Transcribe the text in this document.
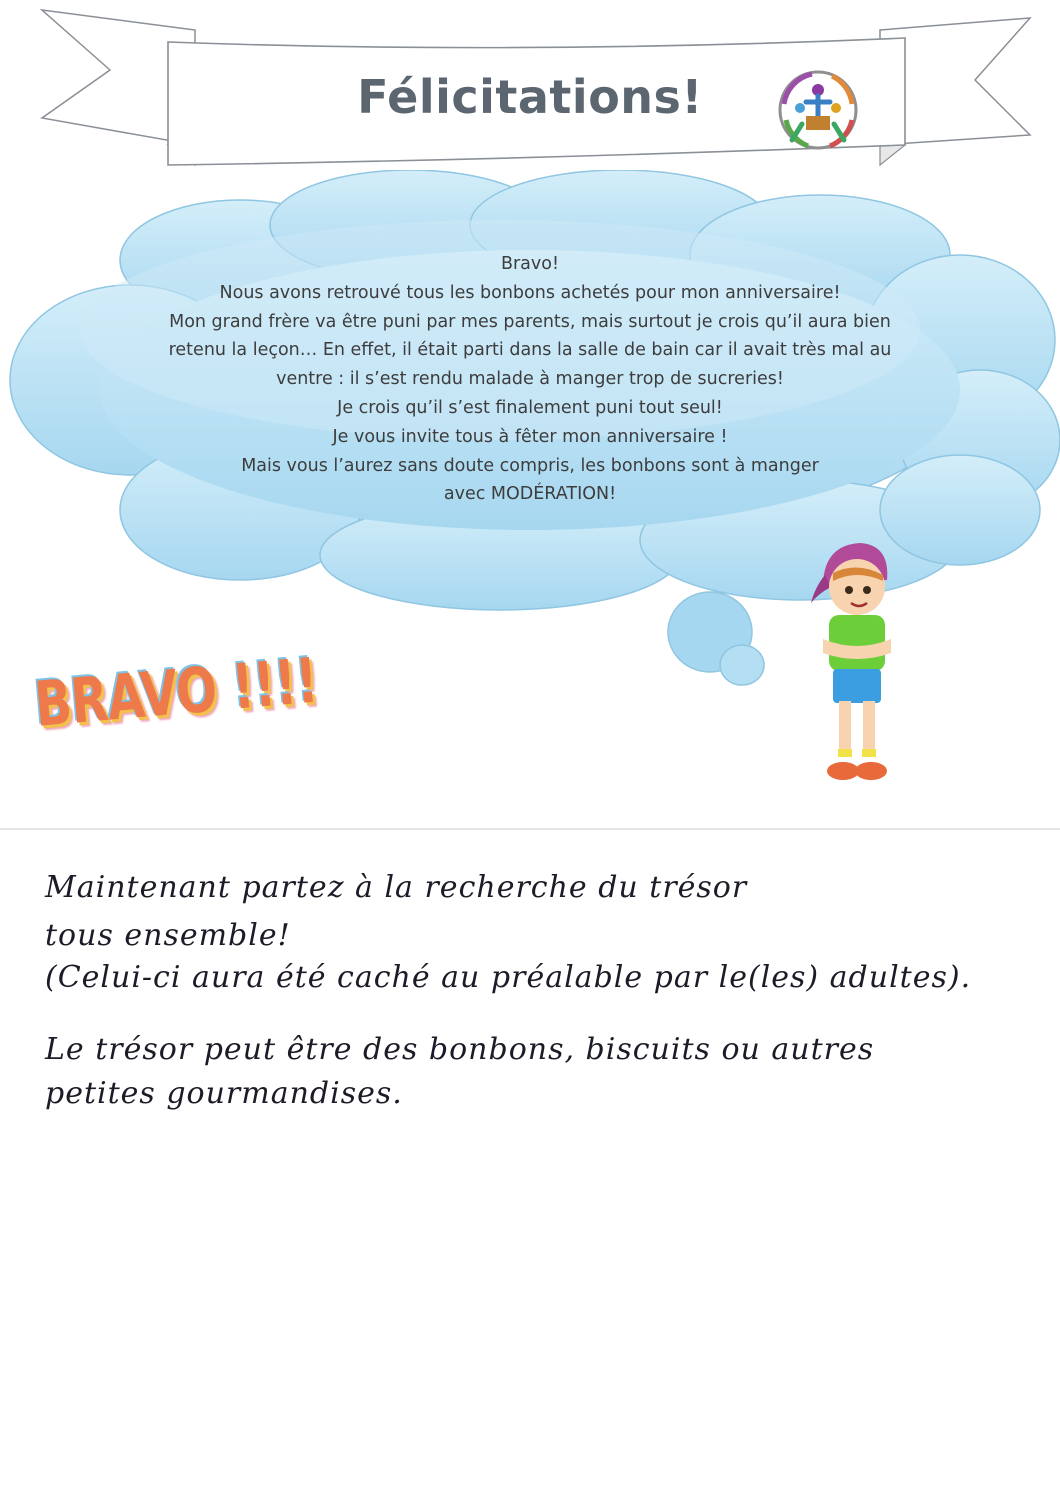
Félicitations!
Bravo!
Nous avons retrouvé tous les bonbons achetés pour mon anniversaire!
Mon grand frère va être puni par mes parents, mais surtout je crois qu’il aura bien
retenu la leçon… En effet, il était parti dans la salle de bain car il avait très mal au
ventre : il s’est rendu malade à manger trop de sucreries!
Je crois qu’il s’est finalement puni tout seul!
Je vous invite tous à fêter mon anniversaire !
Mais vous l’aurez sans doute compris, les bonbons sont à manger
avec MODÉRATION!
BRAVO !!!!
Maintenant partez à la recherche du trésor
tous ensemble!
(Celui-ci aura été caché au préalable par le(les) adultes).
Le trésor peut être des bonbons, biscuits ou autres
petites gourmandises.
